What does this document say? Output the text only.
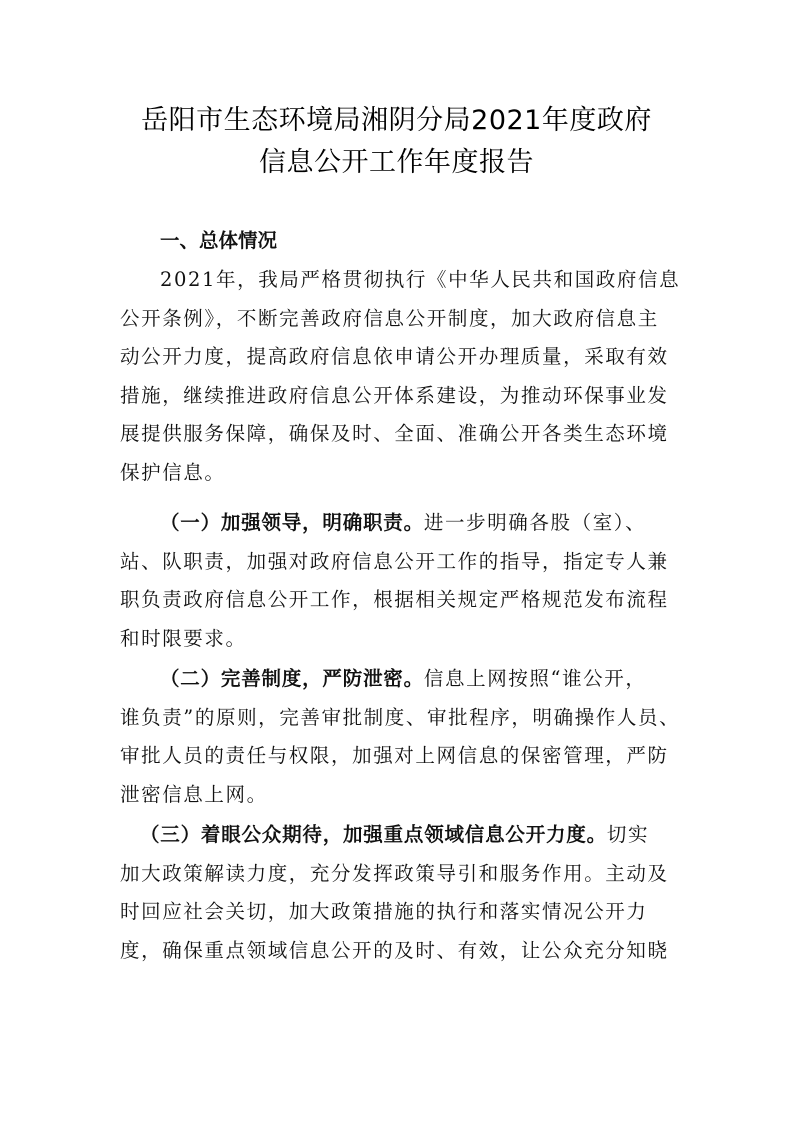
岳阳市生态环境局湘阴分局2021年度政府
信息公开工作年度报告
一、总体情况

2021年，我局严格贯彻执行《中华人民共和国政府信息
公开条例》，不断完善政府信息公开制度，加大政府信息主
动公开力度，提高政府信息依申请公开办理质量，采取有效
措施，继续推进政府信息公开体系建设，为推动环保事业发
展提供服务保障，确保及时、全面、准确公开各类生态环境
保护信息。

（一）加强领导，明确职责。进一步明确各股（室）、
站、队职责，加强对政府信息公开工作的指导，指定专人兼
职负责政府信息公开工作，根据相关规定严格规范发布流程
和时限要求。

（二）完善制度，严防泄密。信息上网按照“谁公开，
谁负责”的原则，完善审批制度、审批程序，明确操作人员、
审批人员的责任与权限，加强对上网信息的保密管理，严防
泄密信息上网。

（三）着眼公众期待，加强重点领域信息公开力度。切实
加大政策解读力度，充分发挥政策导引和服务作用。主动及
时回应社会关切，加大政策措施的执行和落实情况公开力
度，确保重点领域信息公开的及时、有效，让公众充分知晓
